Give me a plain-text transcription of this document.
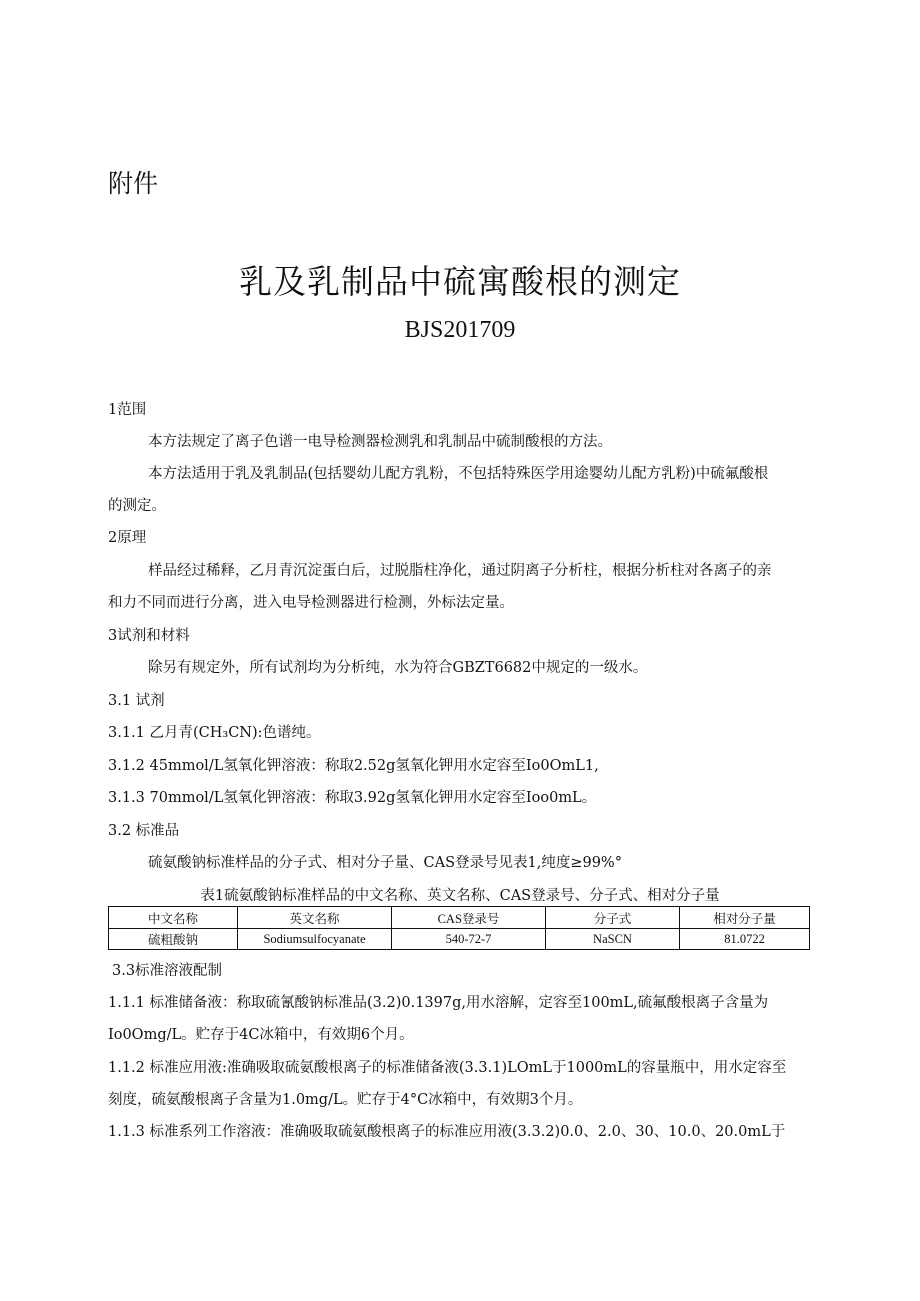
附件
乳及乳制品中硫寓酸根的测定
BJS201709
1范围
本方法规定了离子色谱一电导检测器检测乳和乳制品中硫制酸根的方法。
本方法适用于乳及乳制品(包括婴幼儿配方乳粉，不包括特殊医学用途婴幼儿配方乳粉)中硫氟酸根
的测定。
2原理
样品经过稀释，乙月青沉淀蛋白后，过脱脂柱净化，通过阴离子分析柱，根据分析柱对各离子的亲
和力不同而进行分离，进入电导检测器进行检测，外标法定量。
3试剂和材料
除另有规定外，所有试剂均为分析纯，水为符合GBZT6682中规定的一级水。
3.1 试剂
3.1.1 乙月青(CH₃CN):色谱纯。
3.1.2 45mmol/L氢氧化钾溶液：称取2.52g氢氧化钾用水定容至Io0OmL1,
3.1.3 70mmol/L氢氧化钾溶液：称取3.92g氢氧化钾用水定容至Ioo0mL。
3.2 标准品
硫氨酸钠标准样品的分子式、相对分子量、CAS登录号见表1,纯度≥99%°
表1硫氨酸钠标准样品的中文名称、英文名称、CAS登录号、分子式、相对分子量
中文名称	英文名称	CAS登录号	分子式	相对分子量
硫粗酸钠	Sodiumsulfocyanate	540-72-7	NaSCN	81.0722
3.3标准溶液配制
1.1.1 标准储备液：称取硫氰酸钠标准品(3.2)0.1397g,用水溶解，定容至100mL,硫氟酸根离子含量为
Io0Omg/L。贮存于4C冰箱中，有效期6个月。
1.1.2 标准应用液:准确吸取硫氨酸根离子的标准储备液(3.3.1)LOmL于1000mL的容量瓶中，用水定容至
刻度，硫氨酸根离子含量为1.0mg/L。贮存于4°C冰箱中，有效期3个月。
1.1.3 标准系列工作溶液：准确吸取硫氨酸根离子的标准应用液(3.3.2)0.0、2.0、30、10.0、20.0mL于
